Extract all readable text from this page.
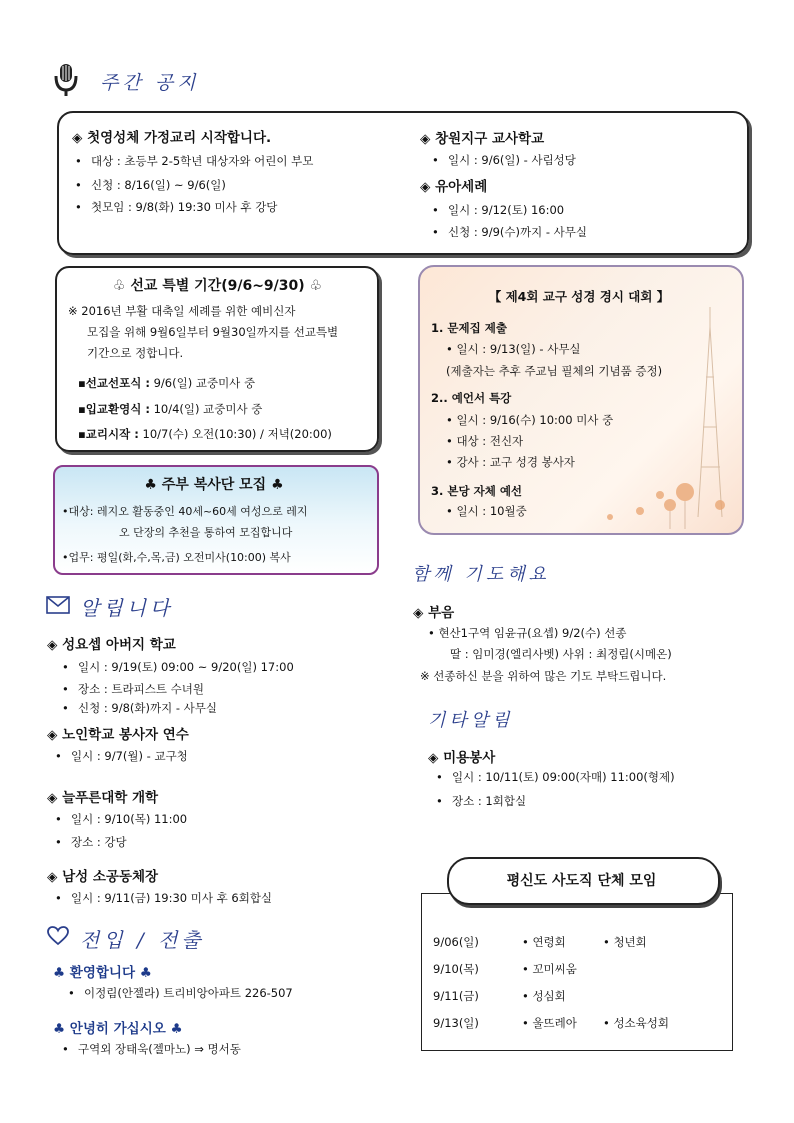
주간 공지
◈ 첫영성체 가정교리 시작합니다.
• 대상 : 초등부 2-5학년 대상자와 어린이 부모
• 신청 : 8/16(일) ~ 9/6(일)
• 첫모임 : 9/8(화) 19:30 미사 후 강당
◈ 창원지구 교사학교
• 일시 : 9/6(일) - 사림성당
◈ 유아세례
• 일시 : 9/12(토) 16:00
• 신청 : 9/9(수)까지 - 사무실
♧ 선교 특별 기간(9/6~9/30) ♧
※ 2016년 부활 대축일 세례를 위한 예비신자
모집을 위해 9월6일부터 9월30일까지를 선교특별
기간으로 정합니다.
▪선교선포식 : 9/6(일) 교중미사 중
▪입교환영식 : 10/4(일) 교중미사 중
▪교리시작 : 10/7(수) 오전(10:30) / 저녁(20:00)
♣ 주부 복사단 모집 ♣
•대상: 레지오 활동중인 40세~60세 여성으로 레지
오 단장의 추천을 통하여 모집합니다
•업무: 평일(화,수,목,금) 오전미사(10:00) 복사
【 제4회 교구 성경 경시 대회 】
1. 문제집 제출
• 일시 : 9/13(일) - 사무실
(제출자는 추후 주교님 필체의 기념품 증정)
2.. 예언서 특강
• 일시 : 9/16(수) 10:00 미사 중
• 대상 : 전신자
• 강사 : 교구 성경 봉사자
3. 본당 자체 예선
• 일시 : 10월중
알립니다
◈ 성요셉 아버지 학교
• 일시 : 9/19(토) 09:00 ~ 9/20(일) 17:00
• 장소 : 트라피스트 수녀원
• 신청 : 9/8(화)까지 - 사무실
◈ 노인학교 봉사자 연수
• 일시 : 9/7(월) - 교구청
◈ 늘푸른대학 개학
• 일시 : 9/10(목) 11:00
• 장소 : 강당
◈ 남성 소공동체장
• 일시 : 9/11(금) 19:30 미사 후 6회합실
전입 / 전출
♣ 환영합니다 ♣
• 이정림(안젤라) 트리비앙아파트 226-507
♣ 안녕히 가십시오 ♣
• 구역외 장태욱(젤마노) ⇒ 명서동
함께 기도해요
◈ 부음
• 현산1구역 임윤규(요셉) 9/2(수) 선종
딸 : 임미경(엘리사벳) 사위 : 최정림(시메온)
※ 선종하신 분을 위하여 많은 기도 부탁드립니다.
기타알림
◈ 미용봉사
• 일시 : 10/11(토) 09:00(자매) 11:00(형제)
• 장소 : 1회합실
평신도 사도직 단체 모임
9/06(일)	• 연령회	• 청년회
9/10(목)	• 꼬미씨움
9/11(금)	• 성심회
9/13(일)	• 울뜨레아 • 성소육성회
